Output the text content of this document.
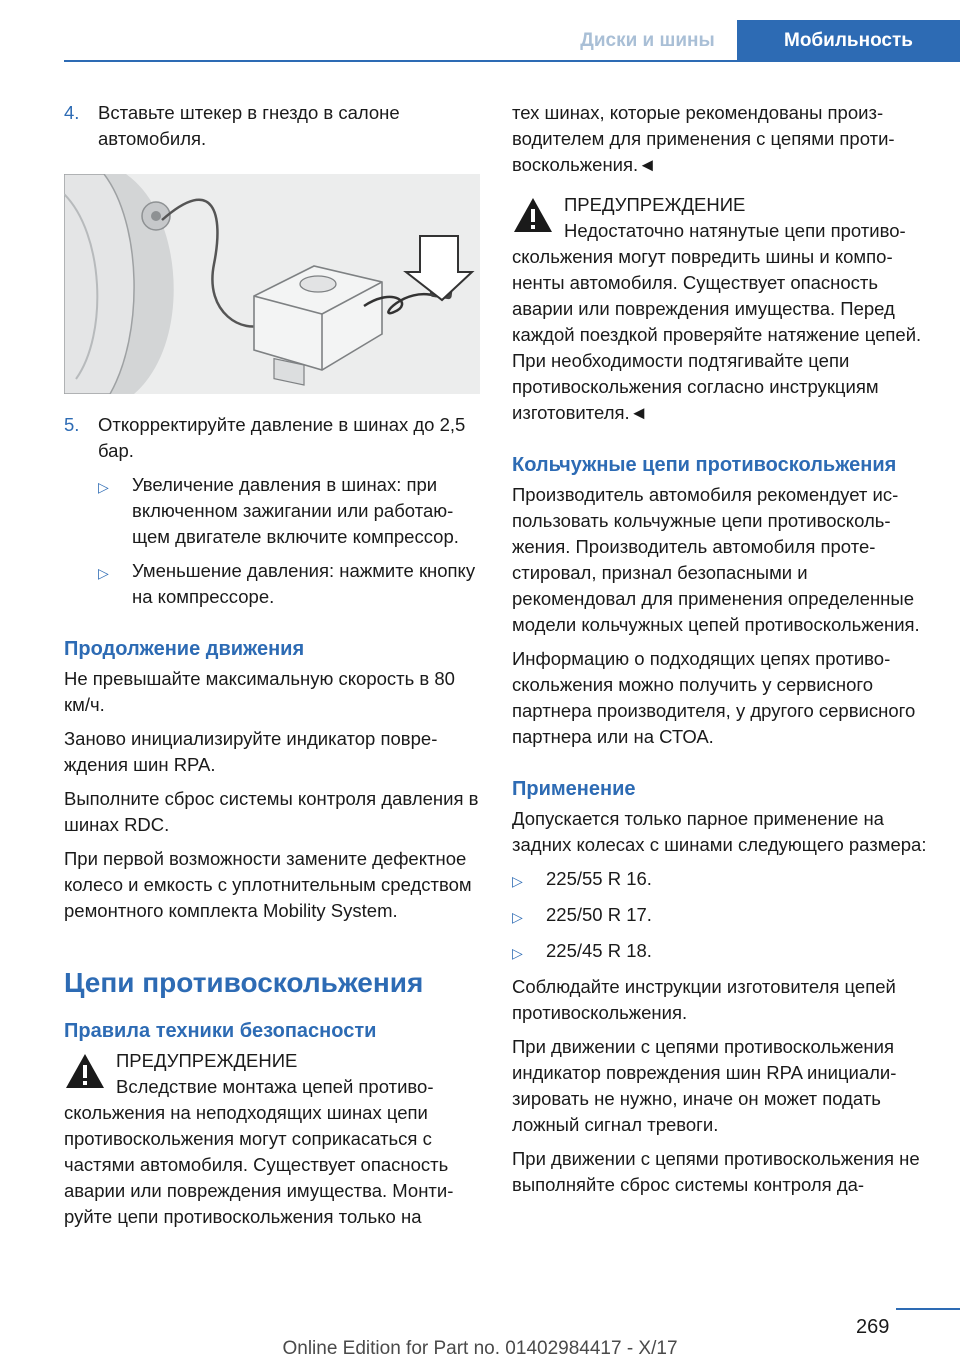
Диски и шины	Мобильность
4.	Вставьте штекер в гнездо в салоне автомобиля.
5.	Откорректируйте давление в шинах до 2,5 бар.
▷	Увеличение давления в шинах: при включенном зажигании или работающем двигателе включите компрессор.
▷	Уменьшение давления: нажмите кнопку на компрессоре.
Продолжение движения

Не превышайте максимальную скорость в 80 км/ч.

Заново инициализируйте индикатор повреждения шин RPA.

Выполните сброс системы контроля давления в шинах RDC.

При первой возможности замените дефектное колесо и емкость с уплотнительным средством ремонтного комплекта Mobility System.

Цепи противоскольжения
Правила техники безопасности
ПРЕДУПРЕЖДЕНИЕ
Вследствие монтажа цепей противоскольжения на неподходящих шинах цепи противоскольжения могут соприкасаться с частями автомобиля. Существует опасность аварии или повреждения имущества. Монтируйте цепи противоскольжения только на

тех шинах, которые рекомендованы производителем для применения с цепями противоскольжения.◄

ПРЕДУПРЕЖДЕНИЕ
Недостаточно натянутые цепи противоскольжения могут повредить шины и компоненты автомобиля. Существует опасность аварии или повреждения имущества. Перед каждой поездкой проверяйте натяжение цепей. При необходимости подтягивайте цепи противоскольжения согласно инструкциям изготовителя.◄
Кольчужные цепи противоскольжения

Производитель автомобиля рекомендует использовать кольчужные цепи противоскольжения. Производитель автомобиля протестировал, признал безопасными и рекомендовал для применения определенные модели кольчужных цепей противоскольжения.

Информацию о подходящих цепях противоскольжения можно получить у сервисного партнера производителя, у другого сервисного партнера или на СТОА.

Применение

Допускается только парное применение на задних колесах с шинами следующего размера:

▷	225/55 R 16.
▷	225/50 R 17.
▷	225/45 R 18.

Соблюдайте инструкции изготовителя цепей противоскольжения.

При движении с цепями противоскольжения индикатор повреждения шин RPA инициализировать не нужно, иначе он может подать ложный сигнал тревоги.

При движении с цепями противоскольжения не выполняйте сброс системы контроля да-

269
Online Edition for Part no. 01402984417 - X/17
